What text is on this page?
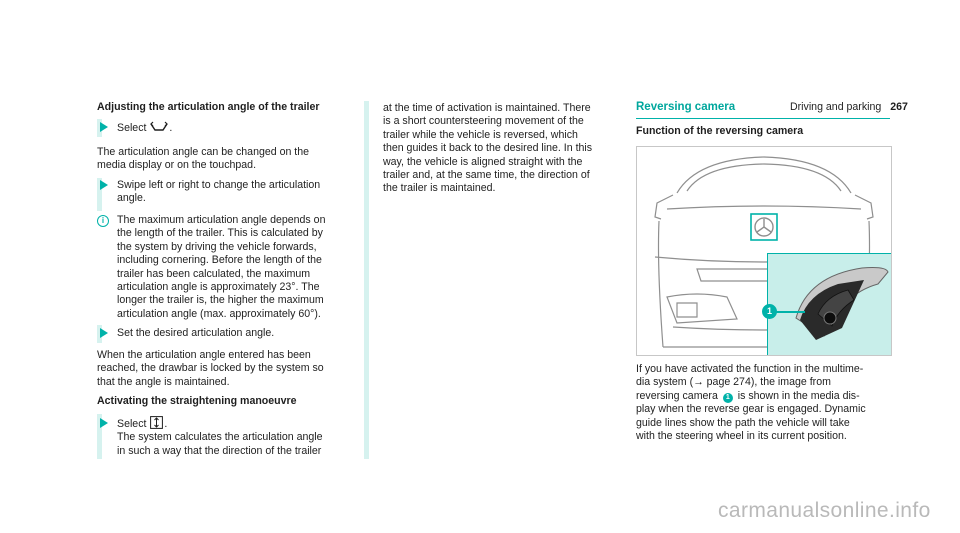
Driving and parking 267
Adjusting the articulation angle of the trailer
Select .
The articulation angle can be changed on the
media display or on the touchpad.
Swipe left or right to change the articulation
angle.
i	The maximum articulation angle depends on
the length of the trailer. This is calculated by
the system by driving the vehicle forwards,
including cornering. Before the length of the
trailer has been calculated, the maximum
articulation angle is approximately 23°. The
longer the trailer is, the higher the maximum
articulation angle (max. approximately 60°).
Set the desired articulation angle.
When the articulation angle entered has been
reached, the drawbar is locked by the system so
that the angle is maintained.
Activating the straightening manoeuvre
Select .
The system calculates the articulation angle
in such a way that the direction of the trailer
at the time of activation is maintained. There
is a short countersteering movement of the
trailer while the vehicle is reversed, which
then guides it back to the desired line. In this
way, the vehicle is aligned straight with the
trailer and, at the same time, the direction of
the trailer is maintained.
Reversing camera
Function of the reversing camera
1
If you have activated the function in the multime-
dia system (→ page 274), the image from
reversing camera 1 is shown in the media dis-
play when the reverse gear is engaged. Dynamic
guide lines show the path the vehicle will take
with the steering wheel in its current position.
carmanualsonline.info
